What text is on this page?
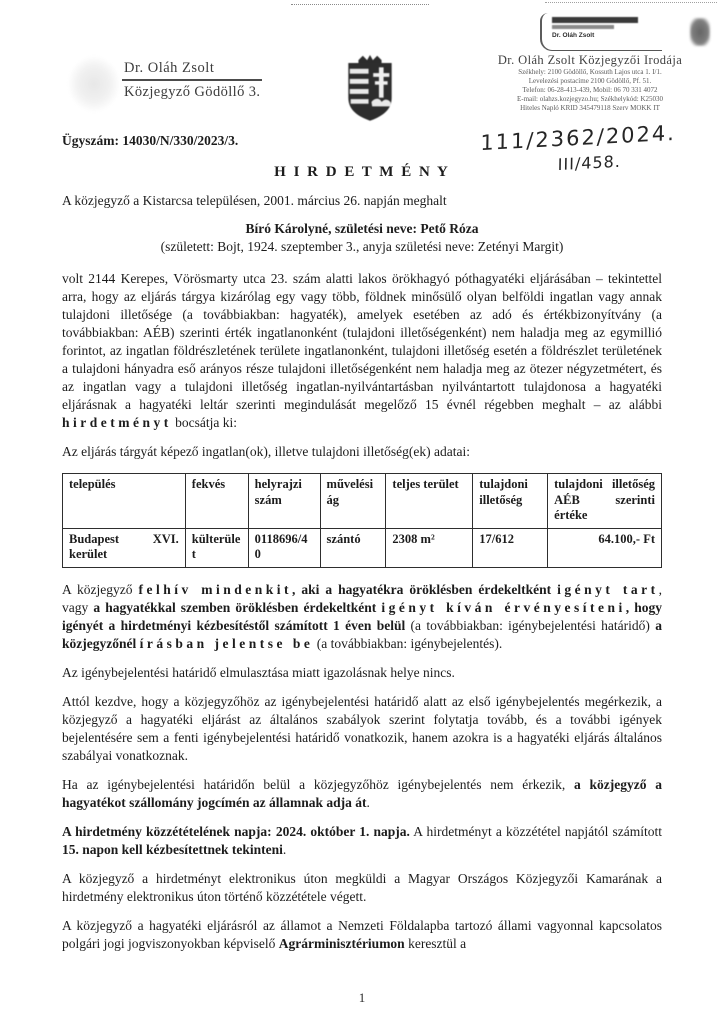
Dr. Oláh Zsolt
Közjegyző Gödöllő 3.
Dr. Oláh Zsolt Közjegyzői Irodája
Székhely: 2100 Gödöllő, Kossuth Lajos utca 1. I/1.
Levelezési postacíme 2100 Gödöllő, Pf. 51.
Telefon: 06-28-413-439, Mobil: 06 70 331 4072
E-mail: olahzs.kozjegyzo.hu; Székhelykód: K25030
Hiteles Napló KRID 345479118 Szerv MOKK IT
Dr. Oláh Zsolt
111/2362/2024.
III/458.
Ügyszám: 14030/N/330/2023/3.
H I R D E T M É N Y
A közjegyző a Kistarcsa településen, 2001. március 26. napján meghalt
Bíró Károlyné, születési neve: Pető Róza
(született: Bojt, 1924. szeptember 3., anyja születési neve: Zetényi Margit)
volt 2144 Kerepes, Vörösmarty utca 23. szám alatti lakos örökhagyó póthagyatéki eljárásában – tekintettel arra, hogy az eljárás tárgya kizárólag egy vagy több, földnek minősülő olyan belföldi ingatlan vagy annak tulajdoni illetősége (a továbbiakban: hagyaték), amelyek esetében az adó és értékbizonyítvány (a továbbiakban: AÉB) szerinti érték ingatlanonként (tulajdoni illetőségenként) nem haladja meg az egymillió forintot, az ingatlan földrészletének területe ingatlanonként, tulajdoni illetőség esetén a földrészlet területének a tulajdoni hányadra eső arányos része tulajdoni illetőségenként nem haladja meg az ötezer négyzetmétert, és az ingatlan vagy a tulajdoni illetőség ingatlan-nyilvántartásban nyilvántartott tulajdonosa a hagyatéki eljárásnak a hagyatéki leltár szerinti megindulását megelőző 15 évnél régebben meghalt – az alábbi hirdetményt bocsátja ki:
Az eljárás tárgyát képező ingatlan(ok), illetve tulajdoni illetőség(ek) adatai:
település	fekvés	helyrajzi szám	művelési ág	teljes terület	tulajdoni illetőség	tulajdoni illetőség AÉB szerinti értéke
Budapest XVI. kerület	külterület	0118696/40	szántó	2308 m²	17/612	64.100,- Ft
A közjegyző felhív mindenkit, aki a hagyatékra öröklésben érdekeltként igényt tart, vagy a hagyatékkal szemben öröklésben érdekeltként igényt kíván érvényesíteni, hogy igényét a hirdetményi kézbesítéstől számított 1 éven belül (a továbbiakban: igénybejelentési határidő) a közjegyzőnél írásban jelentse be (a továbbiakban: igénybejelentés).
Az igénybejelentési határidő elmulasztása miatt igazolásnak helye nincs.
Attól kezdve, hogy a közjegyzőhöz az igénybejelentési határidő alatt az első igénybejelentés megérkezik, a közjegyző a hagyatéki eljárást az általános szabályok szerint folytatja tovább, és a további igények bejelentésére sem a fenti igénybejelentési határidő vonatkozik, hanem azokra is a hagyatéki eljárás általános szabályai vonatkoznak.
Ha az igénybejelentési határidőn belül a közjegyzőhöz igénybejelentés nem érkezik, a közjegyző a hagyatékot szállomány jogcímén az államnak adja át.
A hirdetmény közzétételének napja: 2024. október 1. napja. A hirdetményt a közzététel napjától számított 15. napon kell kézbesítettnek tekinteni.
A közjegyző a hirdetményt elektronikus úton megküldi a Magyar Országos Közjegyzői Kamarának a hirdetmény elektronikus úton történő közzététele végett.
A közjegyző a hagyatéki eljárásról az államot a Nemzeti Földalapba tartozó állami vagyonnal kapcsolatos polgári jogi jogviszonyokban képviselő Agrárminisztériumon keresztül a
1
